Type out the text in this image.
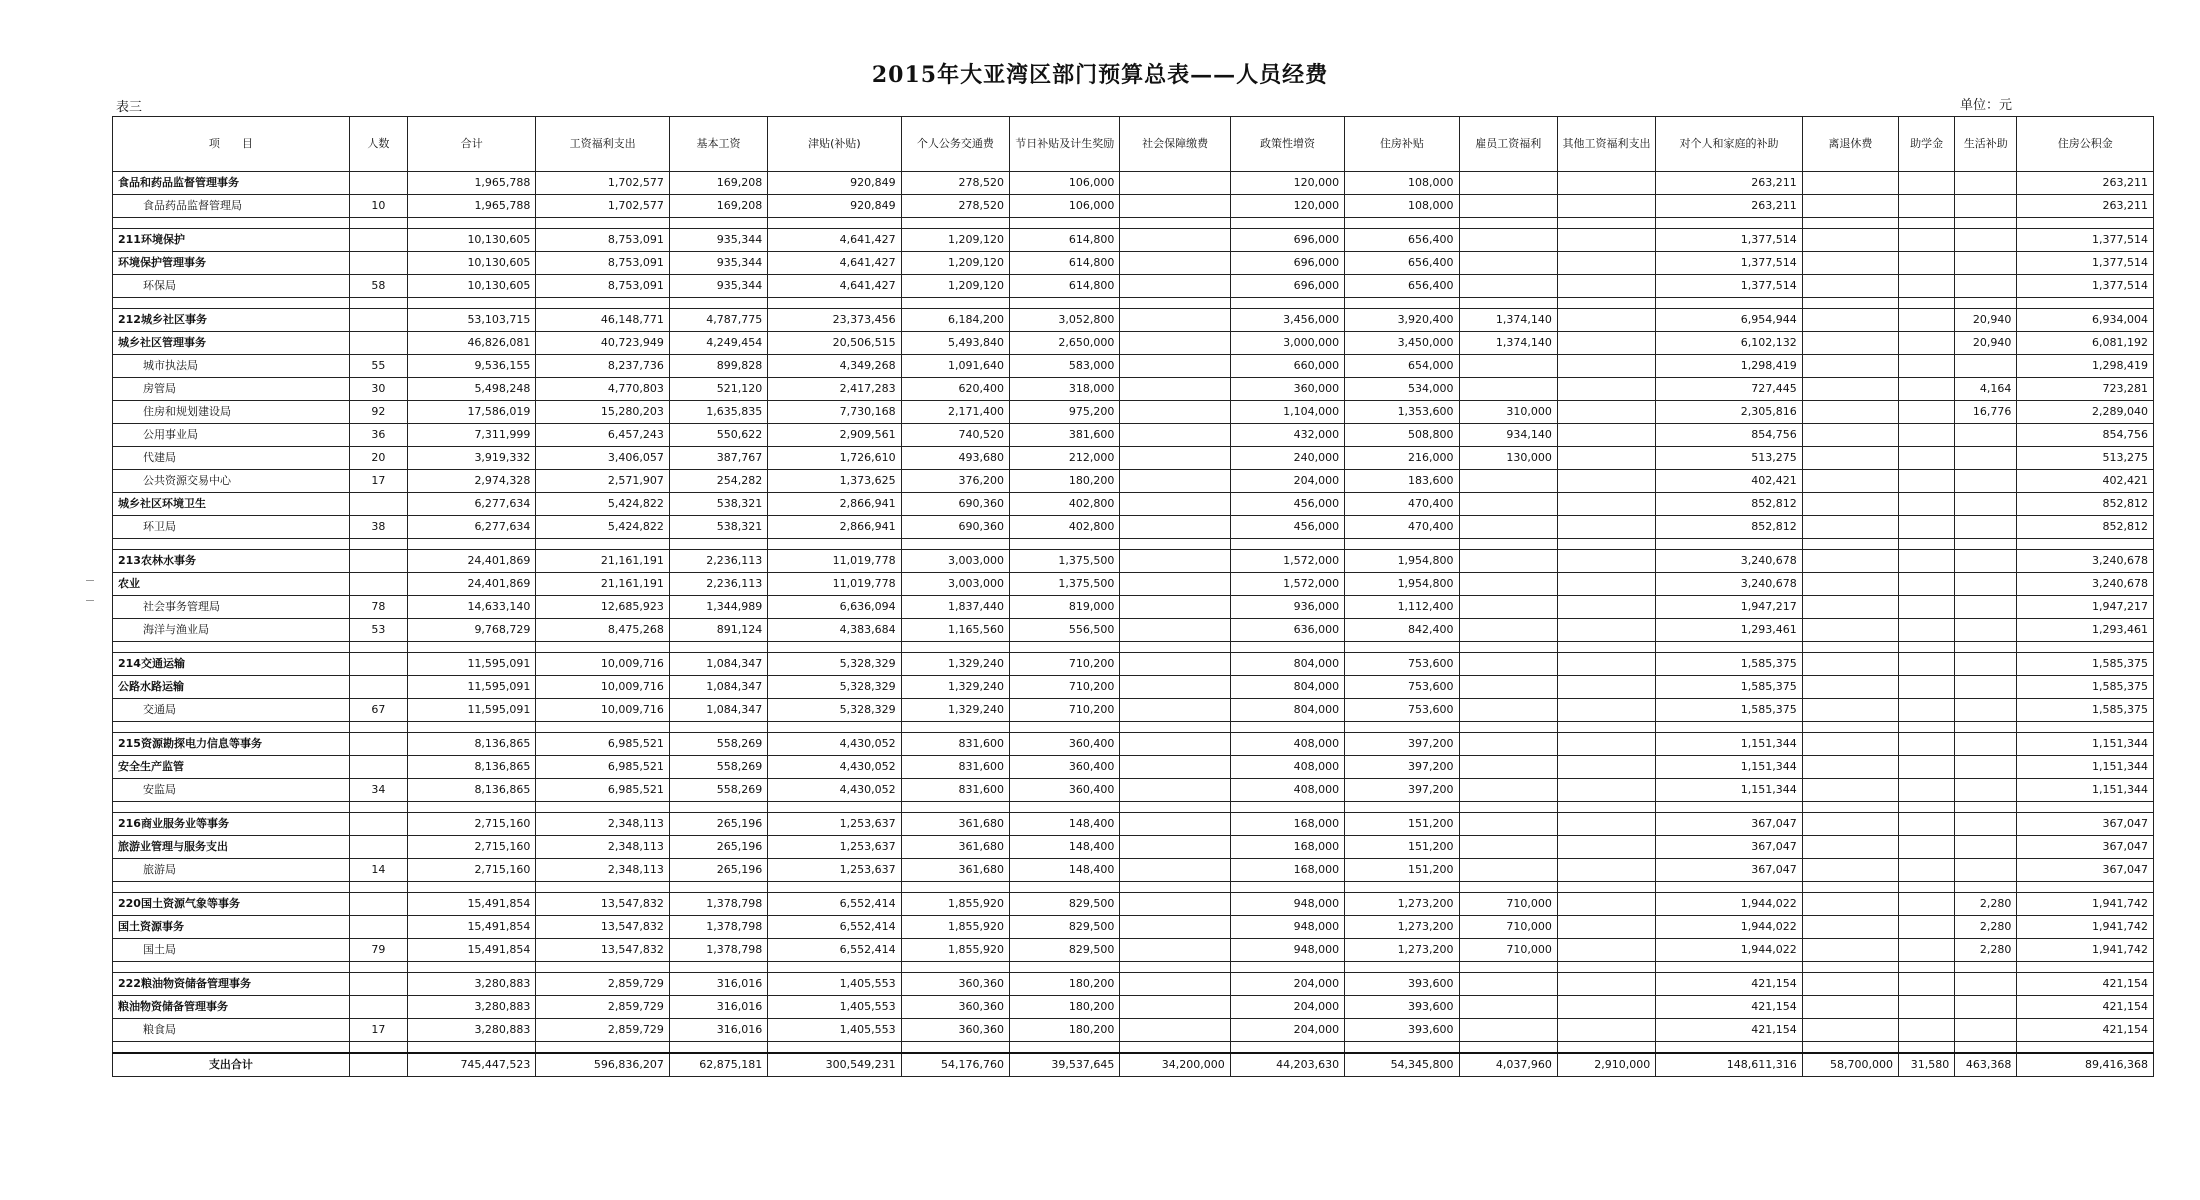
2015年大亚湾区部门预算总表——人员经费
表三	单位：元
项　　目	人数	合计	工资福利支出	基本工资	津贴(补贴)	个人公务交通费	节日补贴及计生奖励	社会保障缴费	政策性增资	住房补贴	雇员工资福利	其他工资福利支出	对个人和家庭的补助	离退休费	助学金	生活补助	住房公积金
食品和药品监督管理事务		1,965,788	1,702,577	169,208	920,849	278,520	106,000		120,000	108,000			263,211				263,211
食品药品监督管理局	10	1,965,788	1,702,577	169,208	920,849	278,520	106,000		120,000	108,000			263,211				263,211

211环境保护		10,130,605	8,753,091	935,344	4,641,427	1,209,120	614,800		696,000	656,400			1,377,514				1,377,514
环境保护管理事务		10,130,605	8,753,091	935,344	4,641,427	1,209,120	614,800		696,000	656,400			1,377,514				1,377,514
环保局	58	10,130,605	8,753,091	935,344	4,641,427	1,209,120	614,800		696,000	656,400			1,377,514				1,377,514

212城乡社区事务		53,103,715	46,148,771	4,787,775	23,373,456	6,184,200	3,052,800		3,456,000	3,920,400	1,374,140		6,954,944			20,940	6,934,004
城乡社区管理事务		46,826,081	40,723,949	4,249,454	20,506,515	5,493,840	2,650,000		3,000,000	3,450,000	1,374,140		6,102,132			20,940	6,081,192
城市执法局	55	9,536,155	8,237,736	899,828	4,349,268	1,091,640	583,000		660,000	654,000			1,298,419				1,298,419
房管局	30	5,498,248	4,770,803	521,120	2,417,283	620,400	318,000		360,000	534,000			727,445			4,164	723,281
住房和规划建设局	92	17,586,019	15,280,203	1,635,835	7,730,168	2,171,400	975,200		1,104,000	1,353,600	310,000		2,305,816			16,776	2,289,040
公用事业局	36	7,311,999	6,457,243	550,622	2,909,561	740,520	381,600		432,000	508,800	934,140		854,756				854,756
代建局	20	3,919,332	3,406,057	387,767	1,726,610	493,680	212,000		240,000	216,000	130,000		513,275				513,275
公共资源交易中心	17	2,974,328	2,571,907	254,282	1,373,625	376,200	180,200		204,000	183,600			402,421				402,421
城乡社区环境卫生		6,277,634	5,424,822	538,321	2,866,941	690,360	402,800		456,000	470,400			852,812				852,812
环卫局	38	6,277,634	5,424,822	538,321	2,866,941	690,360	402,800		456,000	470,400			852,812				852,812

213农林水事务		24,401,869	21,161,191	2,236,113	11,019,778	3,003,000	1,375,500		1,572,000	1,954,800			3,240,678				3,240,678
农业		24,401,869	21,161,191	2,236,113	11,019,778	3,003,000	1,375,500		1,572,000	1,954,800			3,240,678				3,240,678
社会事务管理局	78	14,633,140	12,685,923	1,344,989	6,636,094	1,837,440	819,000		936,000	1,112,400			1,947,217				1,947,217
海洋与渔业局	53	9,768,729	8,475,268	891,124	4,383,684	1,165,560	556,500		636,000	842,400			1,293,461				1,293,461

214交通运输		11,595,091	10,009,716	1,084,347	5,328,329	1,329,240	710,200		804,000	753,600			1,585,375				1,585,375
公路水路运输		11,595,091	10,009,716	1,084,347	5,328,329	1,329,240	710,200		804,000	753,600			1,585,375				1,585,375
交通局	67	11,595,091	10,009,716	1,084,347	5,328,329	1,329,240	710,200		804,000	753,600			1,585,375				1,585,375

215资源勘探电力信息等事务		8,136,865	6,985,521	558,269	4,430,052	831,600	360,400		408,000	397,200			1,151,344				1,151,344
安全生产监管		8,136,865	6,985,521	558,269	4,430,052	831,600	360,400		408,000	397,200			1,151,344				1,151,344
安监局	34	8,136,865	6,985,521	558,269	4,430,052	831,600	360,400		408,000	397,200			1,151,344				1,151,344

216商业服务业等事务		2,715,160	2,348,113	265,196	1,253,637	361,680	148,400		168,000	151,200			367,047				367,047
旅游业管理与服务支出		2,715,160	2,348,113	265,196	1,253,637	361,680	148,400		168,000	151,200			367,047				367,047
旅游局	14	2,715,160	2,348,113	265,196	1,253,637	361,680	148,400		168,000	151,200			367,047				367,047

220国土资源气象等事务		15,491,854	13,547,832	1,378,798	6,552,414	1,855,920	829,500		948,000	1,273,200	710,000		1,944,022			2,280	1,941,742
国土资源事务		15,491,854	13,547,832	1,378,798	6,552,414	1,855,920	829,500		948,000	1,273,200	710,000		1,944,022			2,280	1,941,742
国土局	79	15,491,854	13,547,832	1,378,798	6,552,414	1,855,920	829,500		948,000	1,273,200	710,000		1,944,022			2,280	1,941,742

222粮油物资储备管理事务		3,280,883	2,859,729	316,016	1,405,553	360,360	180,200		204,000	393,600			421,154				421,154
粮油物资储备管理事务		3,280,883	2,859,729	316,016	1,405,553	360,360	180,200		204,000	393,600			421,154				421,154
粮食局	17	3,280,883	2,859,729	316,016	1,405,553	360,360	180,200		204,000	393,600			421,154				421,154

支出合计		745,447,523	596,836,207	62,875,181	300,549,231	54,176,760	39,537,645	34,200,000	44,203,630	54,345,800	4,037,960	2,910,000	148,611,316	58,700,000	31,580	463,368	89,416,368
